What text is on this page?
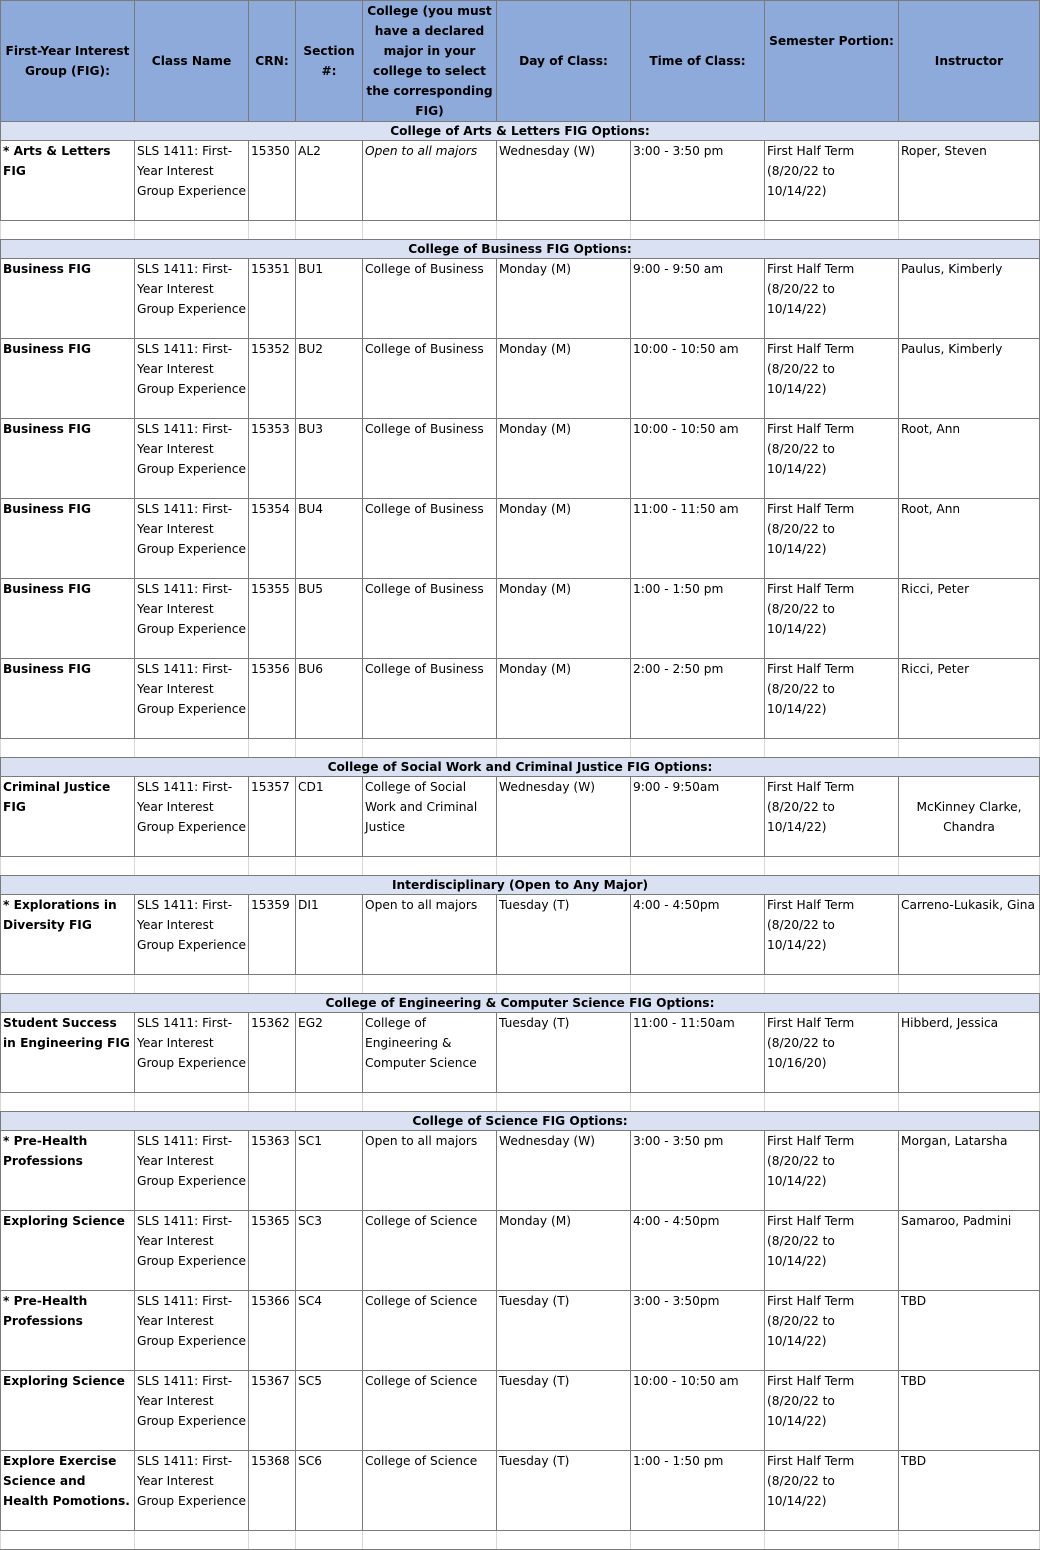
First-Year Interest Group (FIG):	Class Name	CRN:	Section #:	College (you must have a declared major in your college to select the corresponding FIG)	Day of Class:	Time of Class:	Semester Portion:	Instructor
College of Arts & Letters FIG Options:								
* Arts & Letters FIG	SLS 1411: First-Year Interest Group Experience	15350	AL2	Open to all majors	Wednesday (W)	3:00 - 3:50 pm	First Half Term (8/20/22 to 10/14/22)	Roper, Steven

College of Business FIG Options:								
Business FIG	SLS 1411: First-Year Interest Group Experience	15351	BU1	College of Business	Monday (M)	9:00 - 9:50 am	First Half Term (8/20/22 to 10/14/22)	Paulus, Kimberly
Business FIG	SLS 1411: First-Year Interest Group Experience	15352	BU2	College of Business	Monday (M)	10:00 - 10:50 am	First Half Term (8/20/22 to 10/14/22)	Paulus, Kimberly
Business FIG	SLS 1411: First-Year Interest Group Experience	15353	BU3	College of Business	Monday (M)	10:00 - 10:50 am	First Half Term (8/20/22 to 10/14/22)	Root, Ann
Business FIG	SLS 1411: First-Year Interest Group Experience	15354	BU4	College of Business	Monday (M)	11:00 - 11:50 am	First Half Term (8/20/22 to 10/14/22)	Root, Ann
Business FIG	SLS 1411: First-Year Interest Group Experience	15355	BU5	College of Business	Monday (M)	1:00 - 1:50 pm	First Half Term (8/20/22 to 10/14/22)	Ricci, Peter
Business FIG	SLS 1411: First-Year Interest Group Experience	15356	BU6	College of Business	Monday (M)	2:00 - 2:50 pm	First Half Term (8/20/22 to 10/14/22)	Ricci, Peter

College of Social Work and Criminal Justice FIG Options:								
Criminal Justice FIG	SLS 1411: First-Year Interest Group Experience	15357	CD1	College of Social Work and Criminal Justice	Wednesday (W)	9:00 - 9:50am	First Half Term (8/20/22 to 10/14/22)	McKinney Clarke, Chandra

Interdisciplinary (Open to Any Major)								
* Explorations in Diversity FIG	SLS 1411: First-Year Interest Group Experience	15359	DI1	Open to all majors	Tuesday (T)	4:00 - 4:50pm	First Half Term (8/20/22 to 10/14/22)	Carreno-Lukasik, Gina

College of Engineering & Computer Science FIG Options:								
Student Success in Engineering FIG	SLS 1411: First-Year Interest Group Experience	15362	EG2	College of Engineering & Computer Science	Tuesday (T)	11:00 - 11:50am	First Half Term (8/20/22 to 10/16/20)	Hibberd, Jessica

College of Science FIG Options:								
* Pre-Health Professions	SLS 1411: First-Year Interest Group Experience	15363	SC1	Open to all majors	Wednesday (W)	3:00 - 3:50 pm	First Half Term (8/20/22 to 10/14/22)	Morgan, Latarsha
Exploring Science	SLS 1411: First-Year Interest Group Experience	15365	SC3	College of Science	Monday (M)	4:00 - 4:50pm	First Half Term (8/20/22 to 10/14/22)	Samaroo, Padmini
* Pre-Health Professions	SLS 1411: First-Year Interest Group Experience	15366	SC4	College of Science	Tuesday (T)	3:00 - 3:50pm	First Half Term (8/20/22 to 10/14/22)	TBD
Exploring Science	SLS 1411: First-Year Interest Group Experience	15367	SC5	College of Science	Tuesday (T)	10:00 - 10:50 am	First Half Term (8/20/22 to 10/14/22)	TBD
Explore Exercise Science and Health Pomotions.	SLS 1411: First-Year Interest Group Experience	15368	SC6	College of Science	Tuesday (T)	1:00 - 1:50 pm	First Half Term (8/20/22 to 10/14/22)	TBD
